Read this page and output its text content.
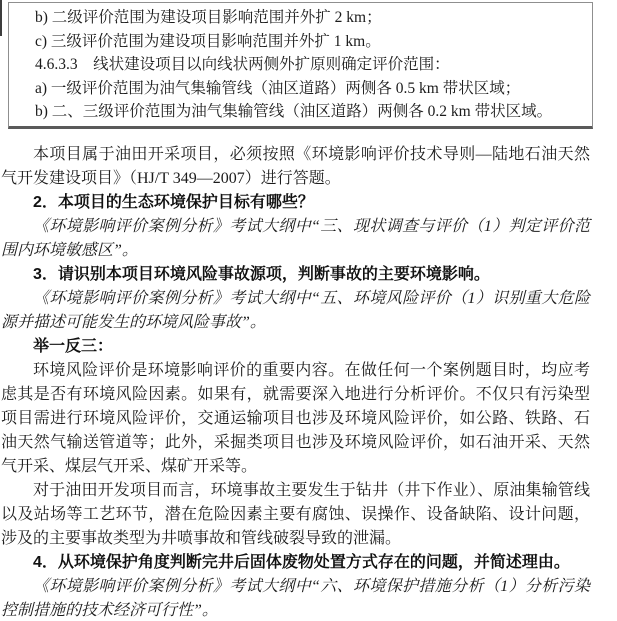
b) 二级评价范围为建设项目影响范围并外扩 2 km；
c) 三级评价范围为建设项目影响范围并外扩 1 km。
4.6.3.3　线状建设项目以向线状两侧外扩原则确定评价范围：
a) 一级评价范围为油气集输管线（油区道路）两侧各 0.5 km 带状区域；
b) 二、三级评价范围为油气集输管线（油区道路）两侧各 0.2 km 带状区域。

本项目属于油田开采项目，必须按照《环境影响评价技术导则—陆地石油天然气开发建设项目》（HJ/T 349—2007）进行答题。

2．本项目的生态环境保护目标有哪些？

《环境影响评价案例分析》考试大纲中“三、现状调查与评价（1）判定评价范围内环境敏感区”。

3．请识别本项目环境风险事故源项，判断事故的主要环境影响。

《环境影响评价案例分析》考试大纲中“五、环境风险评价（1）识别重大危险源并描述可能发生的环境风险事故”。

举一反三：

环境风险评价是环境影响评价的重要内容。在做任何一个案例题目时，均应考虑其是否有环境风险因素。如果有，就需要深入地进行分析评价。不仅只有污染型项目需进行环境风险评价，交通运输项目也涉及环境风险评价，如公路、铁路、石油天然气输送管道等；此外，采掘类项目也涉及环境风险评价，如石油开采、天然气开采、煤层气开采、煤矿开采等。

对于油田开发项目而言，环境事故主要发生于钻井（井下作业）、原油集输管线以及站场等工艺环节，潜在危险因素主要有腐蚀、误操作、设备缺陷、设计问题，涉及的主要事故类型为井喷事故和管线破裂导致的泄漏。

4．从环境保护角度判断完井后固体废物处置方式存在的问题，并简述理由。

《环境影响评价案例分析》考试大纲中“六、环境保护措施分析（1）分析污染控制措施的技术经济可行性”。
